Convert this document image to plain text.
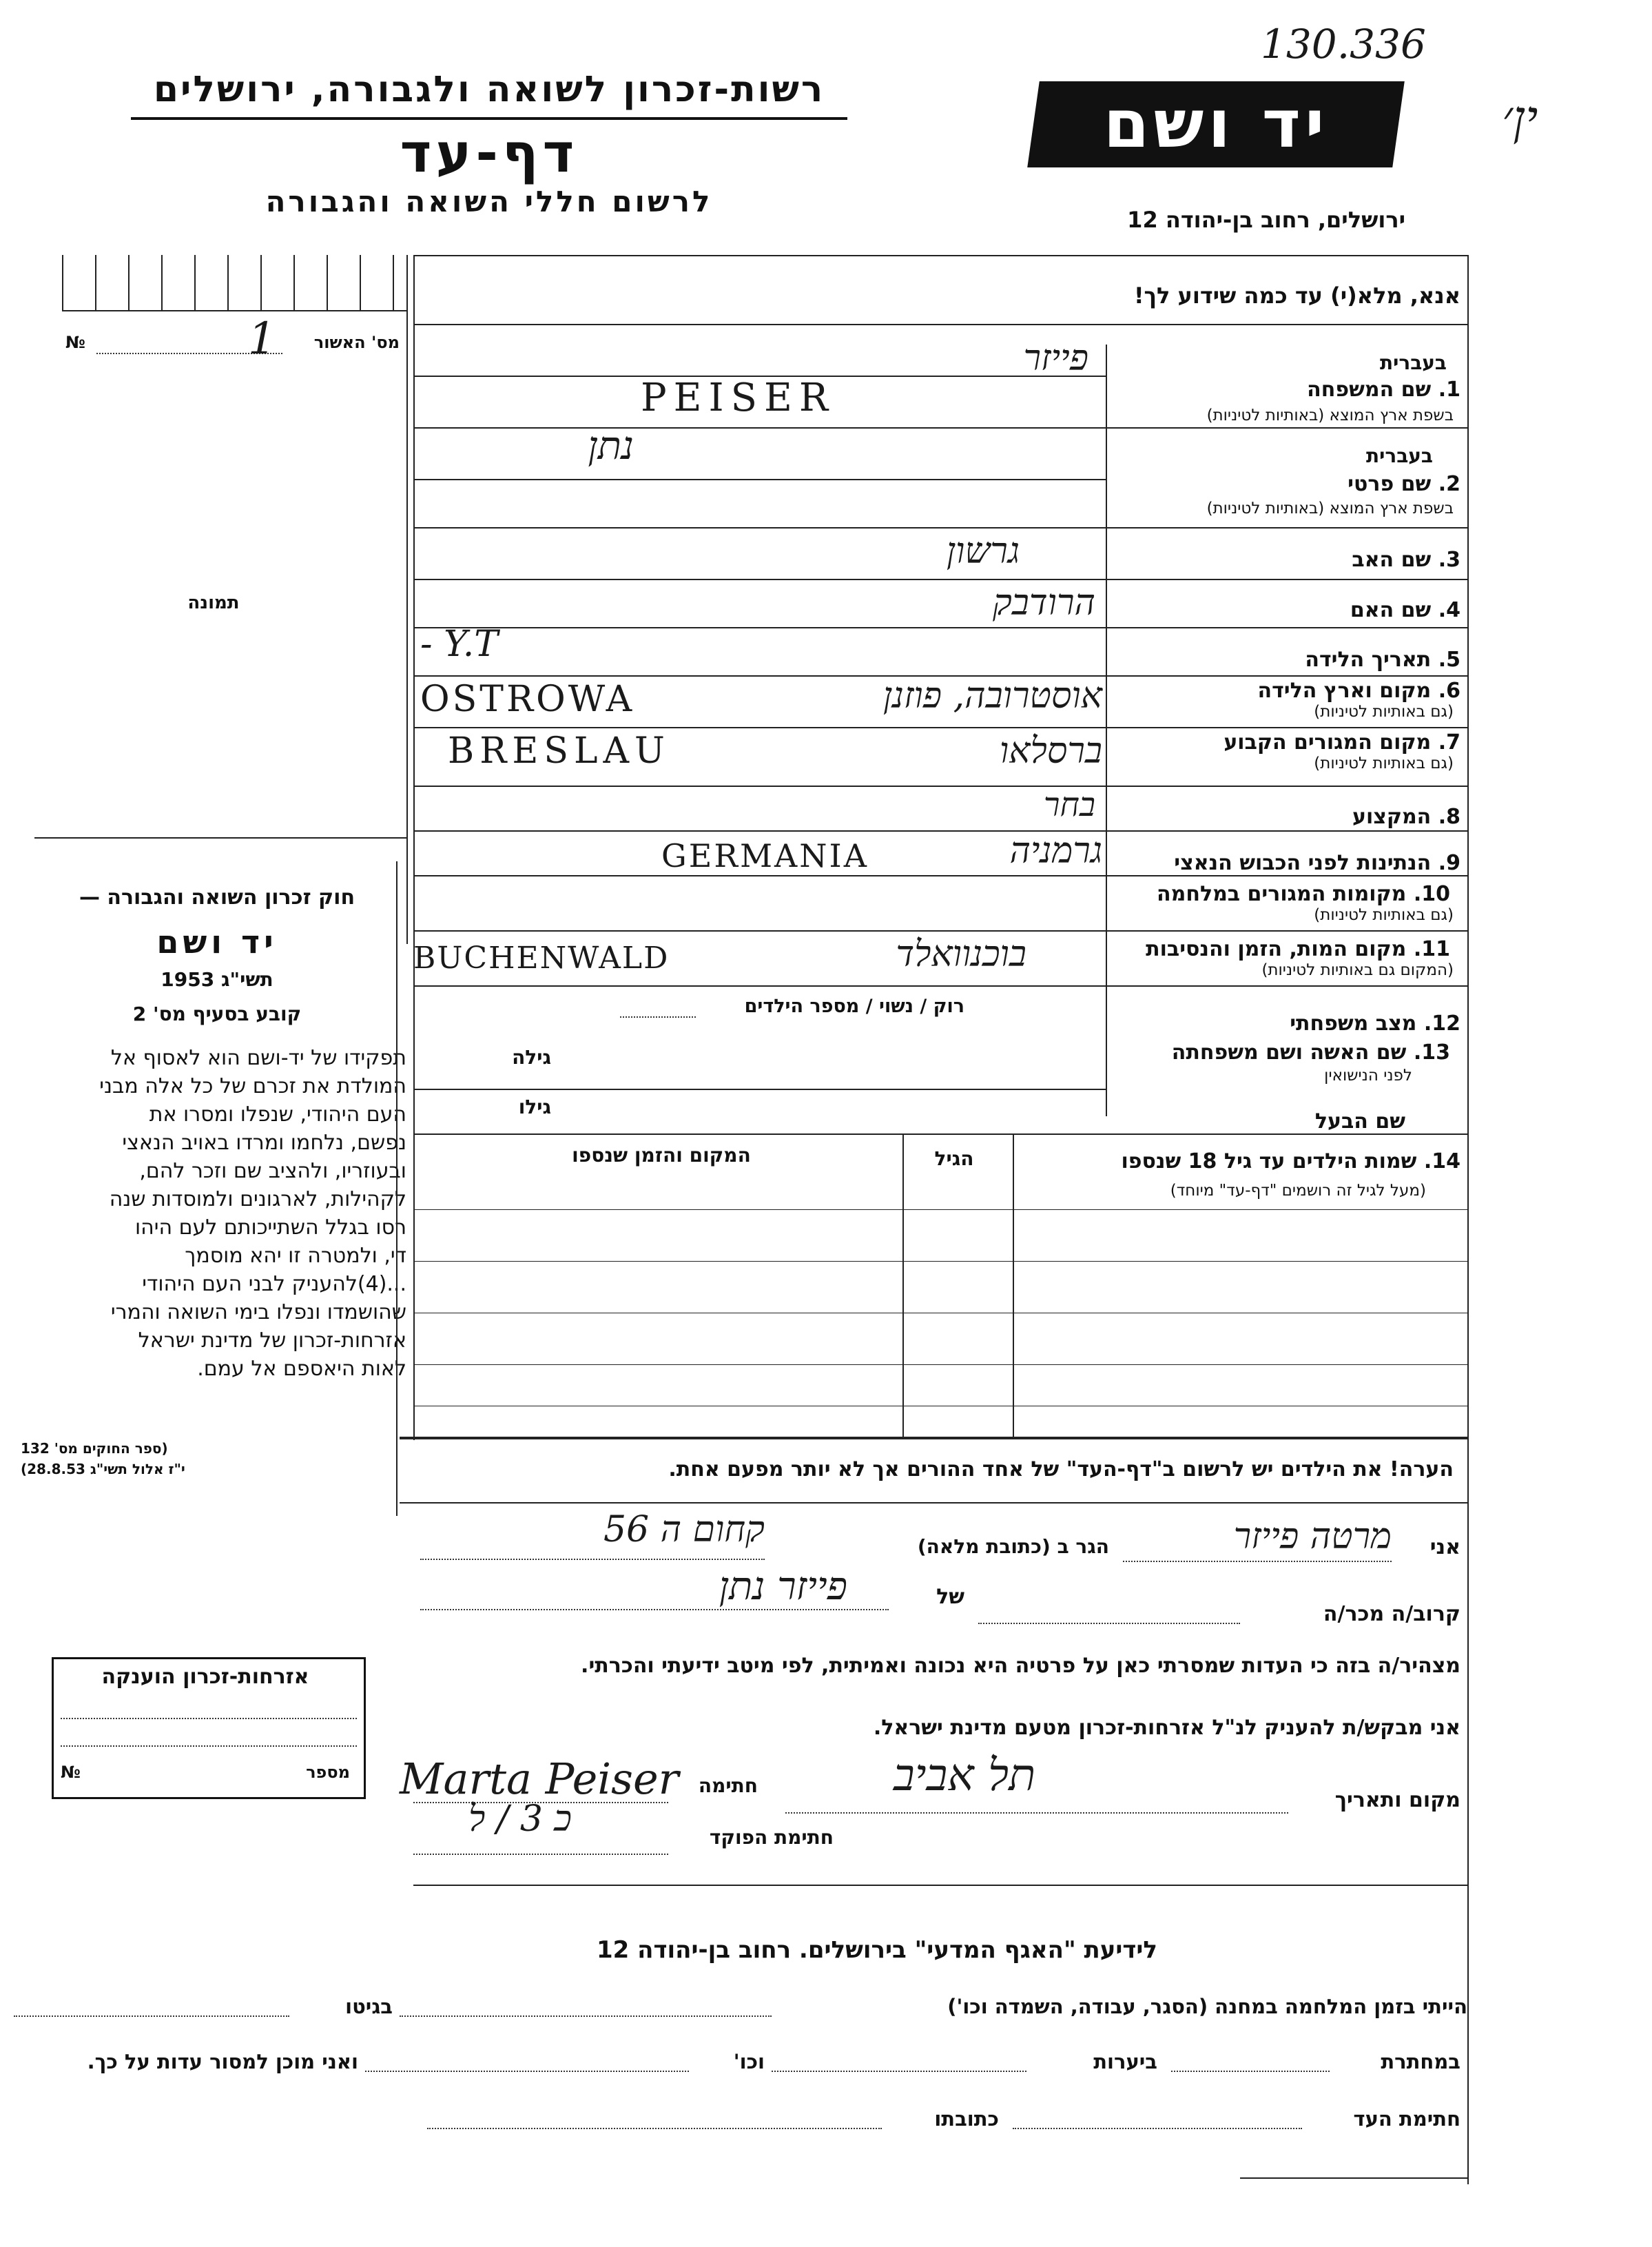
130.336
ין׳
רשות-זכרון לשואה ולגבורה, ירושלים
דף-עד
לרשום חללי השואה והגבורה
יד ושם
ירושלים, רחוב בן-יהודה 12
מס' האשור
№	1
תמונה
חוק זכרון השואה והגבורה —
יד ושם
תשי"ג 1953
קובע בסעיף מס' 2
תפקידו של יד-ושם הוא לאסוף אל
המולדת את זכרם של כל אלה מבני
העם היהודי, שנפלו ומסרו את
נפשם, נלחמו ומרדו באויב הנאצי
ובעוזריו, ולהציב שם וזכר להם,
לקהילות, לארגונים ולמוסדות שנה
רסו בגלל השתייכותם לעם היהו
די, ולמטרה זו יהא מוסמך
...(4)להעניק לבני העם היהודי
שהושמדו ונפלו בימי השואה והמרי
אזרחות-זכרון של מדינת ישראל
לאות היאספם אל עמם.
(ספר החוקים מס' 132
י"ז אלול תשי"ג 28.8.53)
אזרחות-זכרון הוענקה
מספר
№
אנא, מלא(י) עד כמה שידוע לך!
בעברית
1. שם המשפחה
בשפת ארץ המוצא (באותיות לטיניות)
פייזר
PEISER
בעברית
2. שם פרטי
בשפת ארץ המוצא (באותיות לטיניות)
נתן
3. שם האב
גרשון
4. שם האם
הרודבק
5. תאריך הלידה
- Y.T
6. מקום וארץ הלידה
(גם באותיות לטיניות)
OSTROWA	אוסטרובה, פוזנן
7. מקום המגורים הקבוע
(גם באותיות לטיניות)
BRESLAU	ברסלאו
8. המקצוע
בחר
9. הנתינות לפני הכבוש הנאצי
GERMANIA	גרמניה
10. מקומות המגורים במלחמה
(גם באותיות לטיניות)
11. מקום המות, הזמן והנסיבות
(המקום גם באותיות לטיניות)
BUCHENWALD	בוכנוואלד
12. מצב משפחתי
רוק / נשוי / מספר הילדים
13. שם האשה ושם משפחתה
לפני הנישואין
גילה
שם הבעל
גילו
14. שמות הילדים עד גיל 18 שנספו
(מעל לגיל זה רושמים "דף-עד" מיוחד)
הגיל
המקום והזמן שנספו
הערה! את הילדים יש לרשום ב"דף-העד" של אחד ההורים אך לא יותר מפעם אחת.
אני
מרטה פייזר
הגר ב (כתובת מלאה)
קחום ה 56
קרוב/ה מכר/ה
של
פייזר נתן
מצהיר/ה בזה כי העדות שמסרתי כאן על פרטיה היא נכונה ואמיתית, לפי מיטב ידיעתי והכרתי.
אני מבקש/ת להעניק לנ"ל אזרחות-זכרון מטעם מדינת ישראל.
מקום ותאריך
תל אביב
חתימה
Marta Peiser
חתימת הפוקד
כ 3 / ל
לידיעת "האגף המדעי" בירושלים. רחוב בן-יהודה 12
הייתי בזמן המלחמה במחנה (הסגר, עבודה, השמדה וכו')
בגיטו
במחתרת
ביערות
וכו'
ואני מוכן למסור עדות על כך.
חתימת העד
כתובתו
